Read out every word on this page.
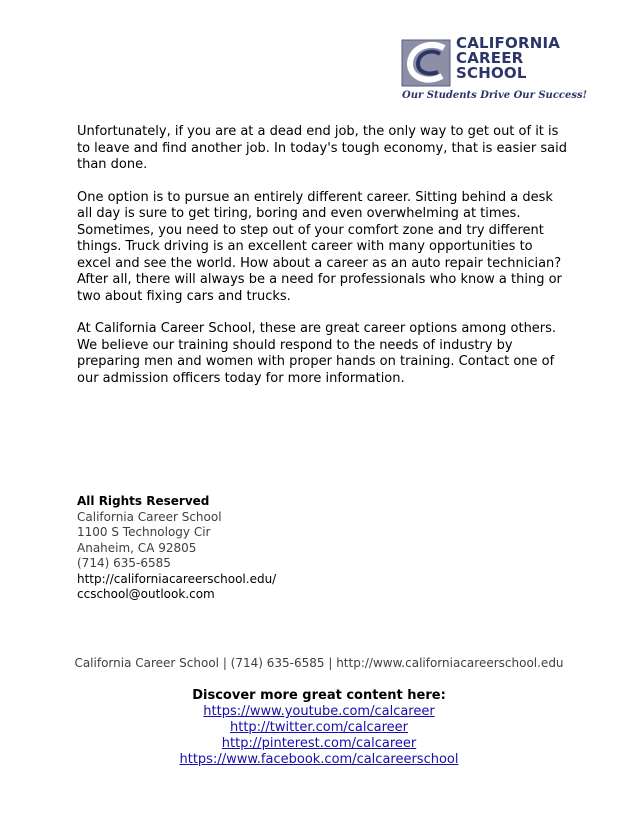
CALIFORNIA
CAREER
SCHOOL
Our Students Drive Our Success!

Unfortunately, if you are at a dead end job, the only way to get out of it is to leave and find another job. In today's tough economy, that is easier said than done.

One option is to pursue an entirely different career. Sitting behind a desk all day is sure to get tiring, boring and even overwhelming at times. Sometimes, you need to step out of your comfort zone and try different things. Truck driving is an excellent career with many opportunities to excel and see the world. How about a career as an auto repair technician? After all, there will always be a need for professionals who know a thing or two about fixing cars and trucks.

At California Career School, these are great career options among others. We believe our training should respond to the needs of industry by preparing men and women with proper hands on training. Contact one of our admission officers today for more information.

All Rights Reserved
California Career School
1100 S Technology Cir
Anaheim, CA 92805
(714) 635-6585
http://californiacareerschool.edu/
ccschool@outlook.com
California Career School | (714) 635-6585 | http://www.californiacareerschool.edu
Discover more great content here:
https://www.youtube.com/calcareer
http://twitter.com/calcareer
http://pinterest.com/calcareer
https://www.facebook.com/calcareerschool
